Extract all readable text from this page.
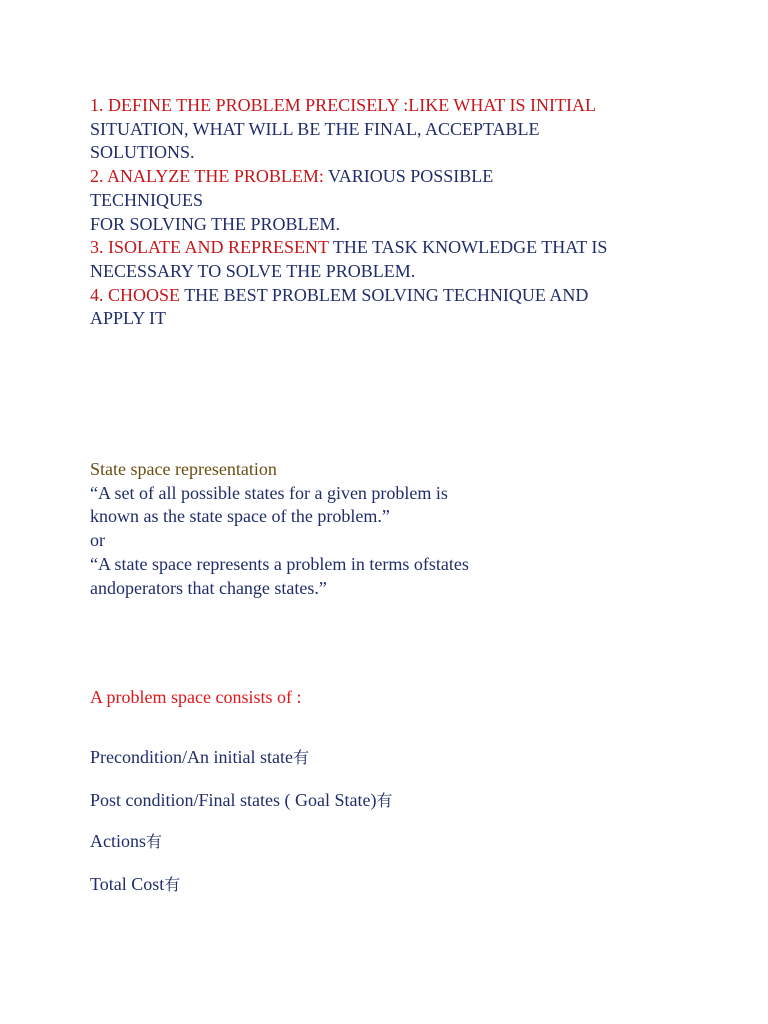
1. DEFINE THE PROBLEM PRECISELY :LIKE WHAT IS INITIAL
SITUATION, WHAT WILL BE THE FINAL, ACCEPTABLE
SOLUTIONS.
2. ANALYZE THE PROBLEM: VARIOUS POSSIBLE
TECHNIQUES
FOR SOLVING THE PROBLEM.
3. ISOLATE AND REPRESENT THE TASK KNOWLEDGE THAT IS
NECESSARY TO SOLVE THE PROBLEM.
4. CHOOSE THE BEST PROBLEM SOLVING TECHNIQUE AND
APPLY IT
State space representation
“A set of all possible states for a given problem is
known as the state space of the problem.”
or
“A state space represents a problem in terms ofstates
andoperators that change states.”
A problem space consists of :
Precondition/An initial state有
Post condition/Final states ( Goal State)有
Actions有
Total Cost有
